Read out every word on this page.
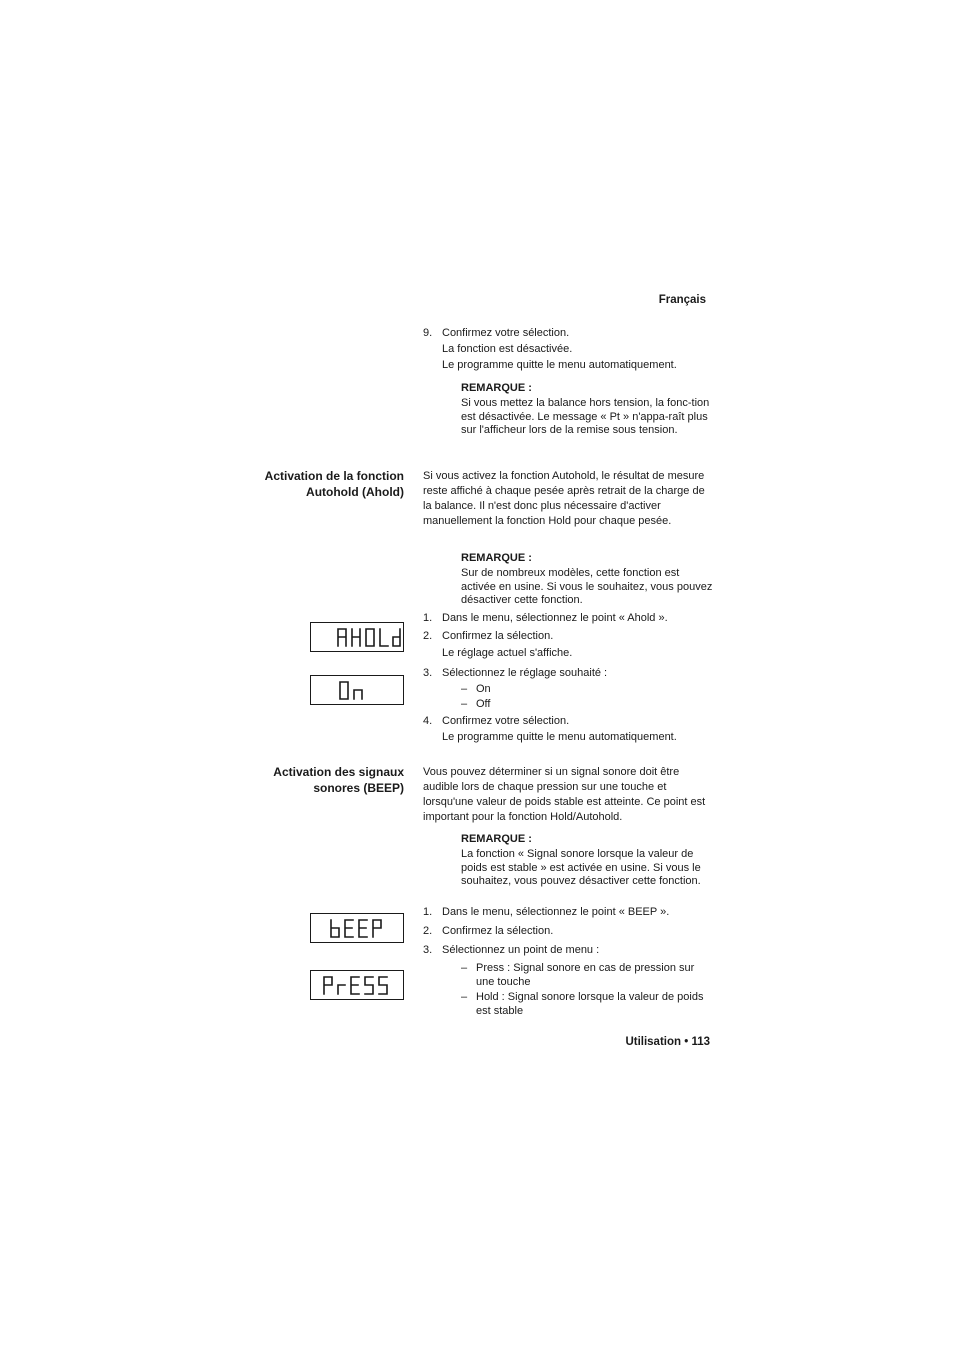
Français
9. Confirmez votre sélection.
La fonction est désactivée.
Le programme quitte le menu automatiquement.
REMARQUE :
Si vous mettez la balance hors tension, la fonc-tion est désactivée. Le message « Pt » n'appa-raît plus sur l'afficheur lors de la remise sous tension.
Activation de la fonction
Autohold (Ahold)
Si vous activez la fonction Autohold, le résultat de mesure reste affiché à chaque pesée après retrait de la charge de la balance. Il n'est donc plus nécessaire d'activer manuellement la fonction Hold pour chaque pesée.
REMARQUE :
Sur de nombreux modèles, cette fonction est activée en usine. Si vous le souhaitez, vous pouvez désactiver cette fonction.
1. Dans le menu, sélectionnez le point « Ahold ».
2. Confirmez la sélection.
Le réglage actuel s'affiche.
3. Sélectionnez le réglage souhaité :
– On
– Off
4. Confirmez votre sélection.
Le programme quitte le menu automatiquement.
Activation des signaux
sonores (BEEP)
Vous pouvez déterminer si un signal sonore doit être audible lors de chaque pression sur une touche et lorsqu'une valeur de poids stable est atteinte. Ce point est important pour la fonction Hold/Autohold.
REMARQUE :
La fonction « Signal sonore lorsque la valeur de poids est stable » est activée en usine. Si vous le souhaitez, vous pouvez désactiver cette fonction.
1. Dans le menu, sélectionnez le point « BEEP ».
2. Confirmez la sélection.
3. Sélectionnez un point de menu :
– Press : Signal sonore en cas de pression sur une touche
– Hold : Signal sonore lorsque la valeur de poids est stable
Utilisation • 113
